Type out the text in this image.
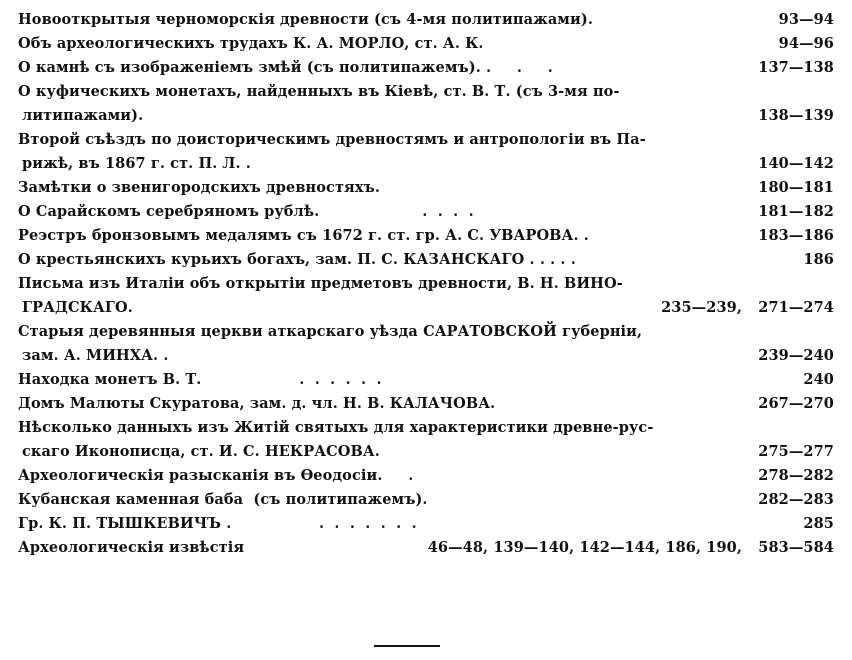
Новооткрытыя черноморскія древности (съ 4-мя политипажами).	93—94
Объ археологическихъ трудахъ К. А. МОРЛО, ст. А. К.	94—96
О камнѣ съ изображеніемъ змѣй (съ политипажемъ). .     .     .	137—138
О куфическихъ монетахъ, найденныхъ въ Кіевѣ, ст. В. Т. (съ 3-мя по-
литипажами).	138—139
Второй съѣздъ по доисторическимъ древностямъ и антропологіи въ Па-
рижѣ, въ 1867 г. ст. П. Л. .	140—142
Замѣтки о звенигородскихъ древностяхъ.	180—181
О Сарайскомъ серебряномъ рублѣ.                    .  .  .  .	181—182
Реэстръ бронзовымъ медалямъ съ 1672 г. ст. гр. А. С. УВАРОВА. .	183—186
О крестьянскихъ курьихъ богахъ, зам. П. С. КАЗАНСКАГО . . . . .	186
Письма изъ Италіи объ открытіи предметовъ древности, В. Н. ВИНО-
ГРАДСКАГО.	235—239, 271—274
Старыя деревянныя церкви аткарскаго уѣзда САРАТОВСКОЙ губерніи,
зам. А. МИНХА. .	239—240
Находка монетъ В. Т.                   .  .  .  .  .  .	240
Домъ Малюты Скуратова, зам. д. чл. Н. В. КАЛАЧОВА.	267—270
Нѣсколько данныхъ изъ Житій святыхъ для характеристики древне-рус-
скаго Иконописца, ст. И. С. НЕКРАСОВА.	275—277
Археологическія разысканія въ Ѳеодосіи.     .	278—282
Кубанская каменная баба  (съ политипажемъ).	282—283
Гр. К. П. ТЫШКЕВИЧЪ .                 .  .  .  .  .  .  .	285
Археологическія извѣстія	46—48, 139—140, 142—144, 186, 190, 583—584
